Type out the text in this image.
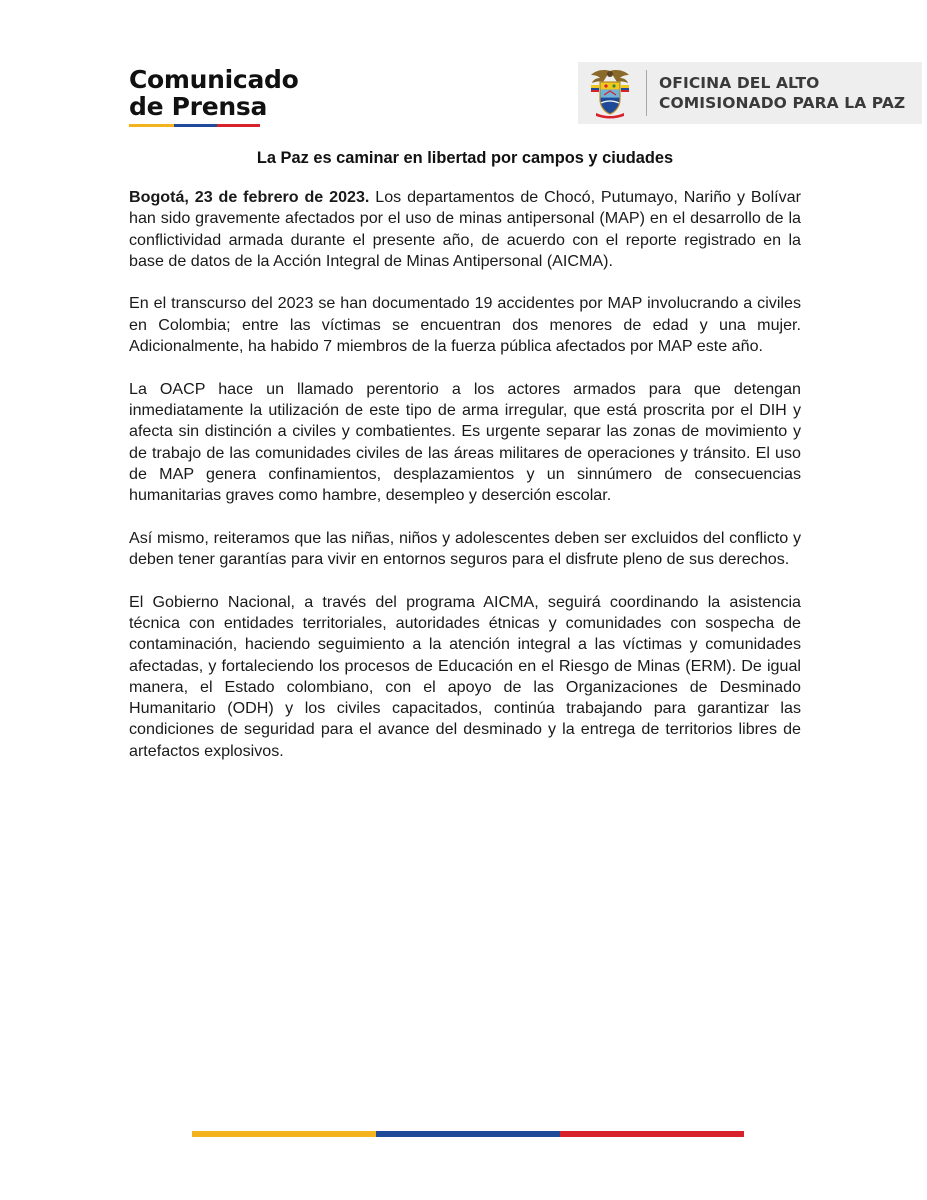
Comunicado
de Prensa
OFICINA DEL ALTO
COMISIONADO PARA LA PAZ
La Paz es caminar en libertad por campos y ciudades

Bogotá, 23 de febrero de 2023. Los departamentos de Chocó, Putumayo, Nariño y Bolívar han sido gravemente afectados por el uso de minas antipersonal (MAP) en el desarrollo de la conflictividad armada durante el presente año, de acuerdo con el reporte registrado en la base de datos de la Acción Integral de Minas Antipersonal (AICMA).

En el transcurso del 2023 se han documentado 19 accidentes por MAP involucrando a civiles en Colombia; entre las víctimas se encuentran dos menores de edad y una mujer. Adicionalmente, ha habido 7 miembros de la fuerza pública afectados por MAP este año.

La OACP hace un llamado perentorio a los actores armados para que detengan inmediatamente la utilización de este tipo de arma irregular, que está proscrita por el DIH y afecta sin distinción a civiles y combatientes. Es urgente separar las zonas de movimiento y de trabajo de las comunidades civiles de las áreas militares de operaciones y tránsito. El uso de MAP genera confinamientos, desplazamientos y un sinnúmero de consecuencias humanitarias graves como hambre, desempleo y deserción escolar.

Así mismo, reiteramos que las niñas, niños y adolescentes deben ser excluidos del conflicto y deben tener garantías para vivir en entornos seguros para el disfrute pleno de sus derechos.

El Gobierno Nacional, a través del programa AICMA, seguirá coordinando la asistencia técnica con entidades territoriales, autoridades étnicas y comunidades con sospecha de contaminación, haciendo seguimiento a la atención integral a las víctimas y comunidades afectadas, y fortaleciendo los procesos de Educación en el Riesgo de Minas (ERM). De igual manera, el Estado colombiano, con el apoyo de las Organizaciones de Desminado Humanitario (ODH) y los civiles capacitados, continúa trabajando para garantizar las condiciones de seguridad para el avance del desminado y la entrega de territorios libres de artefactos explosivos.
